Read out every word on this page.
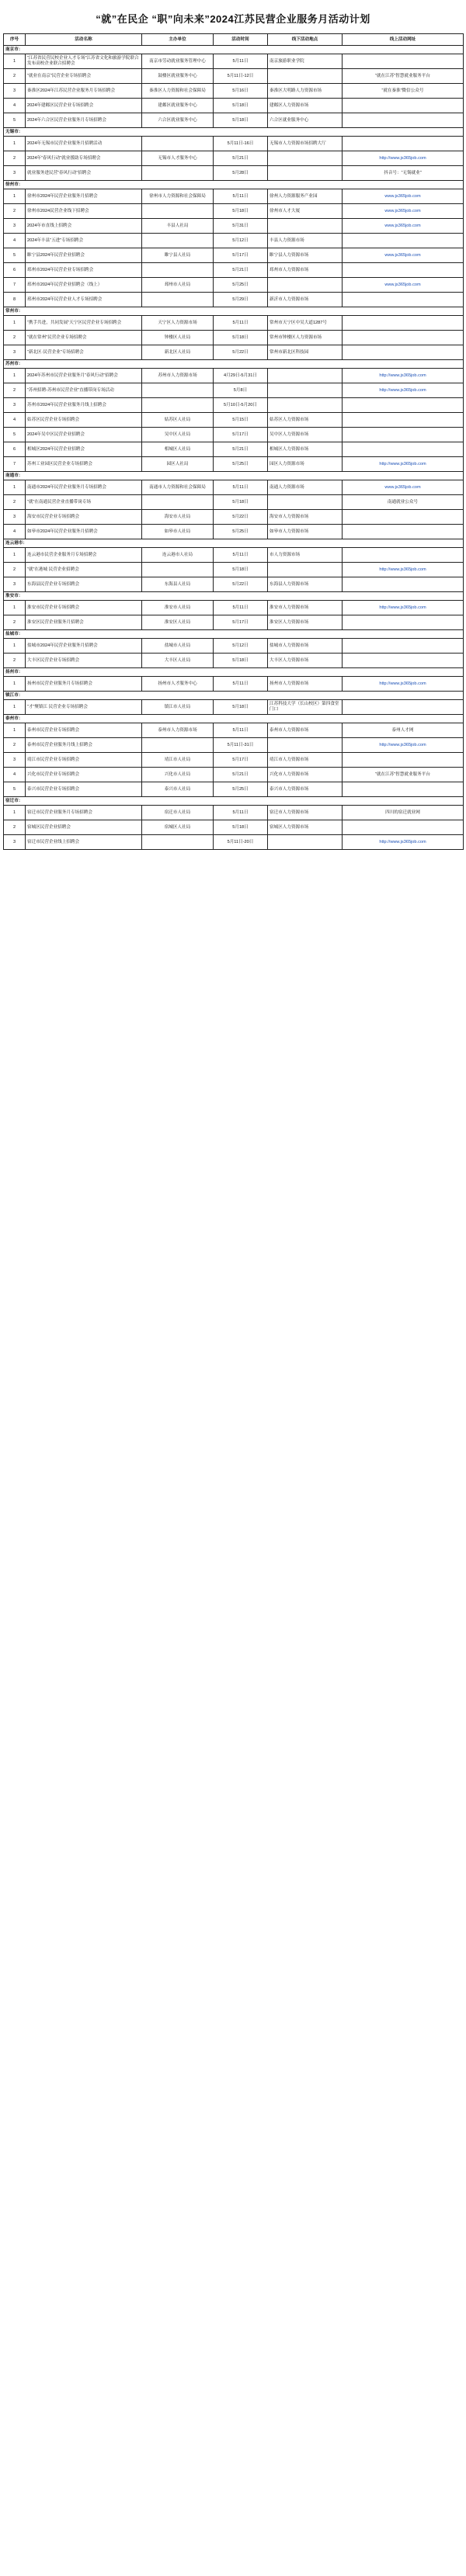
“就”在民企 “职”向未来”2024江苏民营企业服务月活动计划
序号	活动名称	主办单位	活动时间	线下活动地点	线上活动网址
南京市：					
1	“江苏省民营民校企业人才专场”江苏省文化和旅游学院联合发布高校企业联合招聘会	南京市劳动就业服务管理中心	5月11日	南京旅游职业学院	
2	“就业在南京”民营企业专场招聘会	鼓楼区就业服务中心	5月11日-12日		“就在江苏”智慧就业服务平台
3	秦淮区2024年江苏民营企业服务月专场招聘会	秦淮区人力资源和社会保障局	5月16日	秦淮区大明路人力资源市场	“就在秦淮”微信公众号
4	2024年建邺区民营企业专场招聘会	建邺区就业服务中心	5月18日	建邺区人力资源市场	
5	2024年六合区民营企业服务月专场招聘会	六合区就业服务中心	5月18日	六合区就业服务中心	
无锡市：					
1	2024年无锡市民营企业服务月招聘活动		5月11日-16日	无锡市人力资源市场招聘大厅	
2	2024年“春风行动”就业援助专场招聘会	无锡市人才服务中心	5月21日		http://www.js365job.com
3	就业服务进民营“春风行动”招聘会		5月28日		抖音号：“无锡就业”
徐州市：					
1	徐州市2024年民营企业服务月招聘会	徐州市人力资源和社会保障局	5月11日	徐州人力资源服务产业园	www.js365job.com
2	徐州市2024民营企业线下招聘会		5月18日	徐州市人才大厦	www.js365job.com
3	2024年市直线上招聘会	丰县人社局	5月31日		www.js365job.com
4	2024年丰县“五进”专场招聘会		5月12日	丰县人力资源市场	
5	睢宁县2024年民营企业招聘会	睢宁县人社局	5月17日	睢宁县人力资源市场	www.js365job.com
6	邳州市2024年民营企业专场招聘会		5月21日	邳州市人力资源市场	
7	邳州市2024年民营企业招聘会（线上）	邳州市人社局	5月25日		www.js365job.com
8	邳州市2024年民营企业人才专场招聘会		5月29日	新沂市人力资源市场	
常州市：					
1	“携手共进，共同发展”天宁区民营企业专场招聘会	天宁区人力资源市场	5月11日	常州市天宁区中吴大道1287号	
2	“就在常州”民营企业专场招聘会	钟楼区人社局	5月18日	常州市钟楼区人力资源市场	
3	“新北区·民营企业”专场招聘会	新北区人社局	5月22日	常州市新北区科技园	
苏州市：					
1	2024年苏州市民营企业服务月“春风行动”招聘会	苏州市人力资源市场	4月29日-5月31日		http://www.js365job.com
2	“苏州招聘-苏州市民营企业”直播带岗专场活动		5月8日		http://www.js365job.com
3	苏州市2024年民营企业服务月线上招聘会		5月10日-5月20日		
4	姑苏区民营企业专场招聘会	姑苏区人社局	5月15日	姑苏区人力资源市场	
5	2024年吴中区民营企业招聘会	吴中区人社局	5月17日	吴中区人力资源市场	
6	相城区2024年民营企业招聘会	相城区人社局	5月21日	相城区人力资源市场	
7	苏州工业园区民营企业专场招聘会	园区人社局	5月25日	园区人力资源市场	http://www.js365job.com
南通市：					
1	南通市2024年民营企业服务月专场招聘会	南通市人力资源和社会保障局	5月11日	南通人力资源市场	www.js365job.com
2	“就”在南通民营企业直播带岗专场		5月18日		南通就业公众号
3	海安市民营企业专场招聘会	海安市人社局	5月22日	海安市人力资源市场	
4	如皋市2024年民营企业服务月招聘会	如皋市人社局	5月25日	如皋市人力资源市场	
连云港市：					
1	连云港市民营企业服务月专场招聘会	连云港市人社局	5月11日	市人力资源市场	
2	“就”在港城 民营企业招聘会		5月18日		http://www.js365job.com
3	东海县民营企业专场招聘会	东海县人社局	5月22日	东海县人力资源市场	
淮安市：					
1	淮安市民营企业专场招聘会	淮安市人社局	5月11日	淮安市人力资源市场	http://www.js365job.com
2	淮安区民营企业服务月招聘会	淮安区人社局	5月17日	淮安区人力资源市场	
盐城市：					
1	盐城市2024年民营企业服务月招聘会	盐城市人社局	5月12日	盐城市人力资源市场	
2	大丰区民营企业专场招聘会	大丰区人社局	5月18日	大丰区人力资源市场	
扬州市：					
1	扬州市民营企业服务月专场招聘会	扬州市人才服务中心	5月11日	扬州市人力资源市场	http://www.js365job.com
镇江市：					
1	“才”聚镇江 民营企业专场招聘会	镇江市人社局	5月18日	江苏科技大学（长山校区）第四食堂门口	
泰州市：					
1	泰州市民营企业专场招聘会	泰州市人力资源市场	5月11日	泰州市人力资源市场	泰州人才网
2	泰州市民营企业服务月线上招聘会		5月11日-31日		http://www.js365job.com
3	靖江市民营企业专场招聘会	靖江市人社局	5月17日	靖江市人力资源市场	
4	兴化市民营企业专场招聘会	兴化市人社局	5月21日	兴化市人力资源市场	“就在江苏”智慧就业服务平台
5	泰兴市民营企业专场招聘会	泰兴市人社局	5月25日	泰兴市人力资源市场	
宿迁市：					
1	宿迁市民营企业服务月专场招聘会	宿迁市人社局	5月11日	宿迁市人力资源市场	四川的宿迁就业网
2	宿城区民营企业招聘会	宿城区人社局	5月18日	宿城区人力资源市场	
3	宿迁市民营企业线上招聘会		5月11日-20日		http://www.js365job.com
